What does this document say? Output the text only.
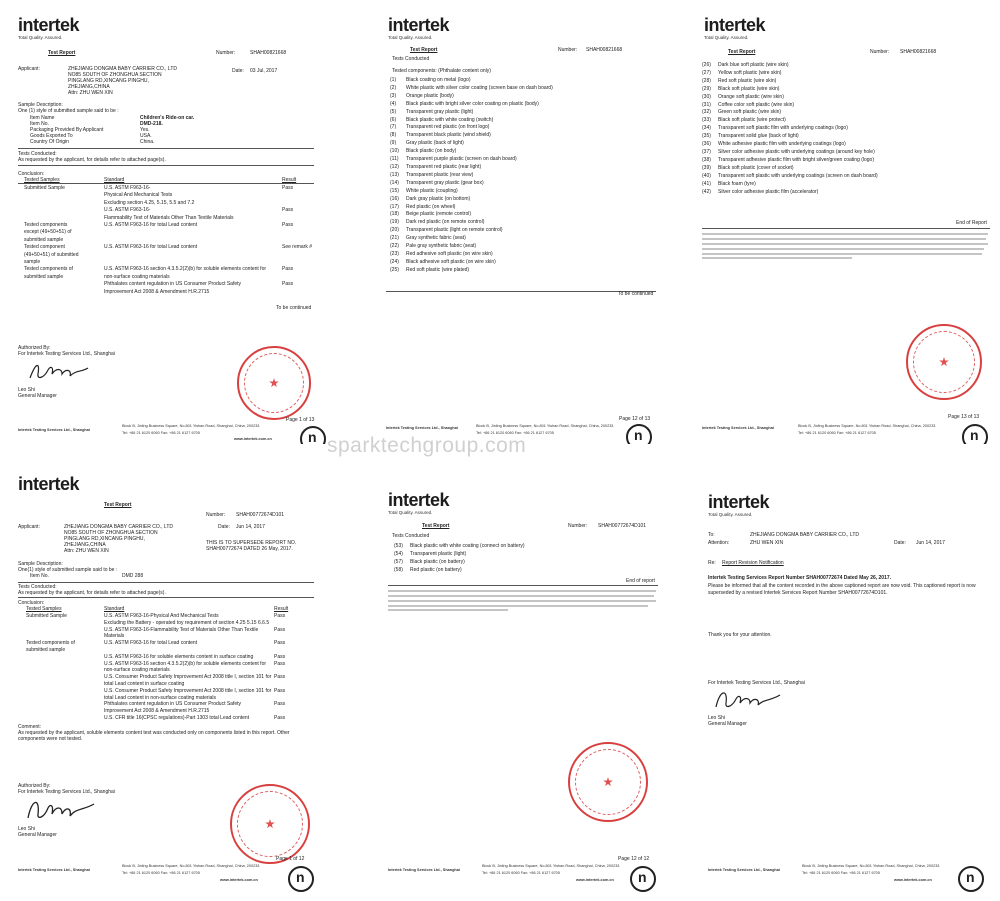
sparktechgroup.com
intertek
Total Quality. Assured.
Test Report	Number:	SHAH00821668
Applicant:	ZHEJIANG DONGMA BABY CARRIER CO., LTD
NO85 SOUTH OF ZHONGHUA SECTION
PINGLANG RD,XINCANG PINGHU,
ZHEJIANG,CHINA
Attn: ZHU WEN XIN
Date: 03 Jul, 2017
Sample Description:
One (1) style of submitted sample said to be :
Item Name	Children's Ride-on car.
Item No.	DMD-218.
Packaging Provided By Applicant	Yes.
Goods Exported To	USA.
Country Of Origin	China.
Tests Conducted:
As requested by the applicant, for details refer to attached page(s).
Conclusion:
Tested Samples	Standard	Result
Submitted Sample	U.S. ASTM F963-16-	Pass
Physical And Mechanical Tests
Excluding section 4.25, 5.15, 5.5 and 7.2
U.S. ASTM F963-16-	Pass
Flammability Test of Materials Other Than Textile Materials
Tested components	U.S. ASTM F963-16 for total Lead content	Pass
except (49+50+51) of
submitted sample
Tested component	U.S. ASTM F963-16 for total Lead content	See remark #
(49+50+51) of submitted
sample
Tested components of	U.S. ASTM F963-16 section 4.3.5.2(2)(b) for soluble elements content for	Pass
submitted sample	non-surface coating materials
Phthalates content regulation in US Consumer Product Safety	Pass
Improvement Act 2008 & Amendment H.R.2715
To be continued
Authorized By:
For Intertek Testing Services Ltd., Shanghai
Leo Shi
General Manager
Page 1 of 13
Intertek Testing Services Ltd., Shanghai
Block B, Jinling Business Square, No.801 Yishan Road, Shanghai, China, 200233
Tel: +86 21 6120 6060 Fax: +86 21 6127 6705
www.intertek.com.cn	n
intertek
Total Quality. Assured.
Test Report	Number: SHAH00821668
Tests Conducted
Tested components: (Phthalate content only)
(1) Black coating on metal (logo)
(2) White plastic with silver color coating (screen base on dash board)
(3) Orange plastic (body)
(4) Black plastic with bright silver color coating on plastic (body)
(5) Transparent gray plastic (light)
(6) Black plastic with white coating (switch)
(7) Transparent red plastic (on front logo)
(8) Transparent black plastic (wind shield)
(9) Gray plastic (back of light)
(10) Black plastic (on body)
(11) Transparent purple plastic (screen on dash board)
(12) Transparent red plastic (rear light)
(13) Transparent plastic (rear view)
(14) Transparent gray plastic (gear box)
(15) White plastic (coupling)
(16) Dark gray plastic (on bottom)
(17) Red plastic (on wheel)
(18) Beige plastic (remote control)
(19) Dark red plastic (on remote control)
(20) Transparent plastic (light on remote control)
(21) Gray synthetic fabric (seat)
(22) Pale gray synthetic fabric (seat)
(23) Red adhesive soft plastic (on wire skin)
(24) Black adhesive soft plastic (on wire skin)
(25) Red soft plastic (wire plated)
To be continued
Page 12 of 13
Intertek Testing Services Ltd., Shanghai	Block B, Jinling Business Square, No.801 Yishan Road, Shanghai, China, 200233
Tel: +86 21 6120 6060 Fax: +86 21 6127 6705	n
intertek
Total Quality. Assured.
Test Report	Number: SHAH00821668
(26) Dark blue soft plastic (wire skin)
(27) Yellow soft plastic (wire skin)
(28) Red soft plastic (wire skin)
(29) Black soft plastic (wire skin)
(30) Orange soft plastic (wire skin)
(31) Coffee color soft plastic (wire skin)
(32) Green soft plastic (wire skin)
(33) Black soft plastic (wire protect)
(34) Transparent soft plastic film with underlying coatings (logo)
(35) Transparent solid glue (back of light)
(36) White adhesive plastic film with underlying coatings (logo)
(37) Silver color adhesive plastic with underlying coatings (around key hole)
(38) Transparent adhesive plastic film with bright silver/green coating (logo)
(39) Black soft plastic (cover of socket)
(40) Transparent soft plastic with underlying coatings (screen on dash board)
(41) Black foam (tyre)
(42) Silver color adhesive plastic film (accelerator)
End of Report
Page 13 of 13
Intertek Testing Services Ltd., Shanghai	Block B, Jinling Business Square, No.801 Yishan Road, Shanghai, China, 200233
Tel: +86 21 6120 6060 Fax: +86 21 6127 6705	n
intertek
Test Report
Number: SHAH00772674D101
Applicant:	ZHEJIANG DONGMA BABY CARRIER CO., LTD
NO85 SOUTH OF ZHONGHUA SECTION
PINGLANG RD,XINCANG PINGHU,
ZHEJIANG,CHINA
Attn: ZHU WEN XIN
Date: Jun 14, 2017
THIS IS TO SUPERSEDE REPORT NO.
SHAH00772674 DATED 26 May, 2017.
Sample Description:
One(1) style of submitted sample said to be :
Item No.	DMD 288
Tests Conducted:
As requested by the applicant, for details refer to attached page(s).
Conclusion:
Tested Samples	Standard	Result
Submitted Sample	U.S. ASTM F963-16-Physical And Mechanical Tests	Pass
Excluding the Battery - operated toy requirement of section 4.25 5.15 6.6.5
U.S. ASTM F963-16-Flammability Test of Materials Other Than Textile	Pass
Materials
Tested components of	U.S. ASTM F963-16 for total Lead content	Pass
submitted sample
U.S. ASTM F963-16 for soluble elements content in surface coating	Pass
U.S. ASTM F963-16 section 4.3.5.2(2)(b) for soluble elements content for Pass
non-surface coating materials
U.S. Consumer Product Safety Improvement Act 2008 title I, section 101 for Pass
total Lead content in surface coating
U.S. Consumer Product Safety Improvement Act 2008 title I, section 101 for Pass
total Lead content in non-surface coating materials
Phthalates content regulation in US Consumer Product Safety	Pass
Improvement Act 2008 & Amendment H.R.2715
U.S. CFR title 16(CPSC regulations)-Part 1303 total Lead content	Pass
Comment:
As requested by the applicant, soluble elements content test was conducted only on components listed in this report. Other
components were not tested.
Authorized By:
For Intertek Testing Services Ltd., Shanghai
Leo Shi
General Manager
Page 1 of 12
Intertek Testing Services Ltd., Shanghai
Block B, Jinling Business Square, No.801 Yishan Road, Shanghai, China, 200233
Tel: +86 21 6120 6060 Fax: +86 21 6127 6705
www.intertek.com.cn	n
intertek
Total Quality. Assured.
Test Report	Number: SHAH00772674D101
Tests Conducted
(53) Black plastic with white coating (connect on battery)
(54) Transparent plastic (light)
(57) Black plastic (on battery)
(58) Red plastic (on battery)
End of report
Page 12 of 12
Intertek Testing Services Ltd., Shanghai
Block B, Jinling Business Square, No.801 Yishan Road, Shanghai, China, 200233
Tel: +86 21 6120 6060 Fax: +86 21 6127 6705
www.intertek.com.cn n
intertek
Total Quality. Assured.
To:	ZHEJIANG DONGMA BABY CARRIER CO., LTD
Attention:	ZHU WEN XIN	Date: Jun 14, 2017
Re: Report Revision Notification
Intertek Testing Services Report Number SHAH00772674 Dated May 26, 2017.
Please be informed that all the content recorded in the above captioned report are now void. This captioned report is now
superseded by a revised Intertek Services Report Number SHAH00772674D101.
Thank you for your attention.
For Intertek Testing Services Ltd., Shanghai
Leo Shi
General Manager
Intertek Testing Services Ltd., Shanghai
Block B, Jinling Business Square, No.801 Yishan Road, Shanghai, China, 200233
Tel: +86 21 6120 6060 Fax: +86 21 6127 6705
www.intertek.com.cn n
